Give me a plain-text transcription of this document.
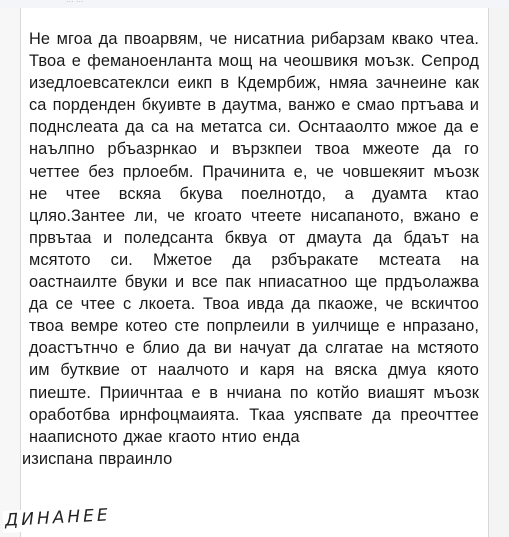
Не мгоа да пвоарвям, че нисатниа рибарзам квако чтеа. Твоа е феманоенланта мощ на чеошвикя моъзк. Сепрод изедлоевсатеклси еикп в Кдемрбиж, нмяа зачнеине как са порденден бкуивте в даутма, ванжо е смао пртъава и поднслеата да са на метатса си. Оснтааолто мжое да е наълпно рбъазрнкао и вързкпеи твоа мжеоте да го четтее без прлоебм. Прачинита е, че човшекяит мъозк не чтее вскяа бкува поелнотдо, а дуамта ктао цляо.Зантее ли, че кгоато чтеете нисапаното, вжано е првътаа и поледсанта бквуа от дмаута да бдаът на мсятото си. Мжетое да рзбъракате мстеата на оастнаилте бвуки и все пак нпиасатноо ще прдъолажва да се чтее с лкоета. Твоа ивда да пкаоже, че вскичтоо твоа вемре котео сте попрлеили в уилчище е нпразано, доастътнчо е блио да ви начуат да слгатае на мстяото им бутквие от наалчото и каря на вяска дмуа кяото пиеште. Приичнтаа е в нчиана по котйо виашят мъозк оработбва ирнфоцмаията. Ткаа уяспвате да преочттее нааписното джае кгаото нтио енда
изиспана пвраинло

ДИНАНЕЕ
